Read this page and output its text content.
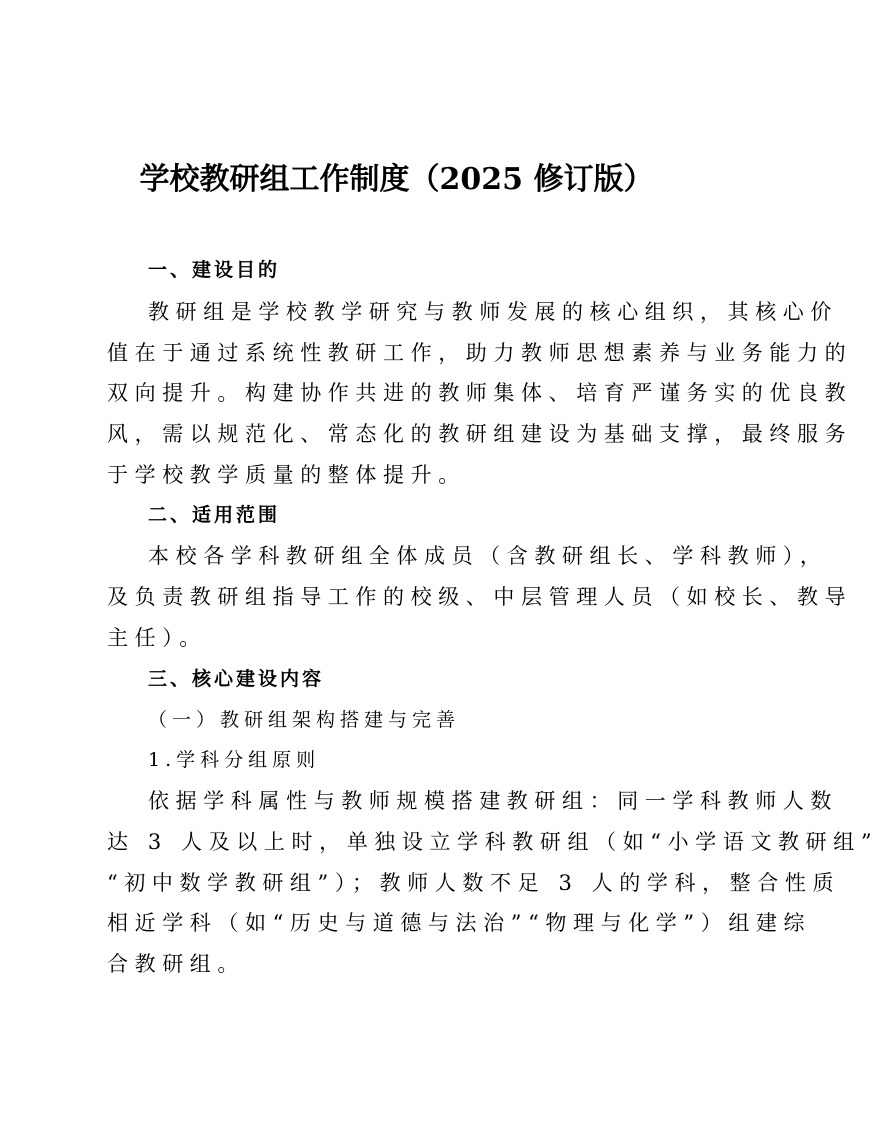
学校教研组工作制度（2025 修订版）
一、建设目的
教研组是学校教学研究与教师发展的核心组织，其核心价
值在于通过系统性教研工作，助力教师思想素养与业务能力的
双向提升。构建协作共进的教师集体、培育严谨务实的优良教
风，需以规范化、常态化的教研组建设为基础支撑，最终服务
于学校教学质量的整体提升。
二、适用范围
本校各学科教研组全体成员（含教研组长、学科教师），
及负责教研组指导工作的校级、中层管理人员（如校长、教导
主任）。
三、核心建设内容
（一）教研组架构搭建与完善
1.学科分组原则
依据学科属性与教师规模搭建教研组：同一学科教师人数
达 3 人及以上时，单独设立学科教研组（如“小学语文教研组”
“初中数学教研组”）；教师人数不足 3 人的学科，整合性质
相近学科（如“历史与道德与法治”“物理与化学”）组建综
合教研组。
